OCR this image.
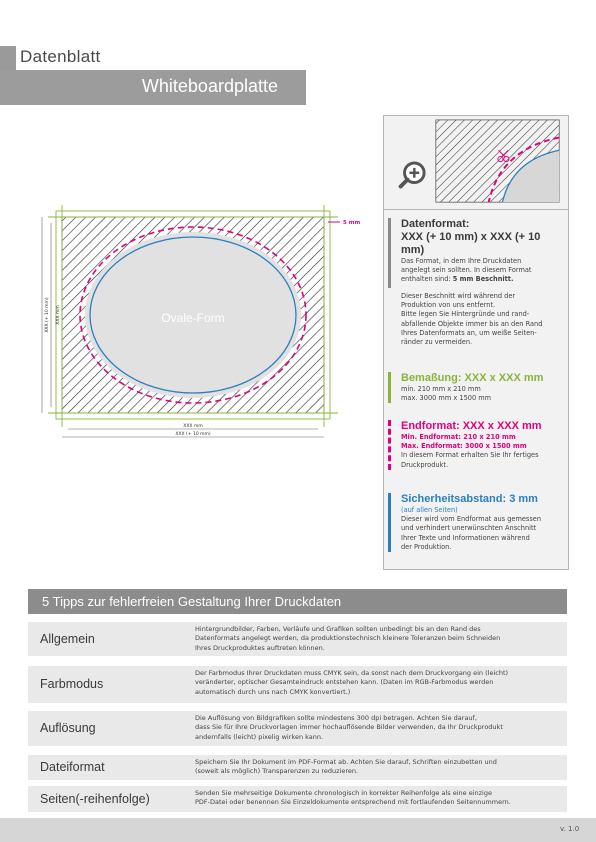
Datenblatt
Whiteboardplatte
Ovale-Form
5 mm
XXX mm
XXX (+ 10 mm)
XXX (+ 10 mm) XXX mm
Datenformat:
XXX (+ 10 mm) x XXX (+ 10 mm)
Das Format, in dem Ihre Druckdaten
angelegt sein sollten. In diesem Format
enthalten sind: 5 mm Beschnitt.
Dieser Beschnitt wird während der
Produktion von uns entfernt.
Bitte legen Sie Hintergründe und rand-
abfallende Objekte immer bis an den Rand
Ihres Datenformats an, um weiße Seiten-
ränder zu vermeiden.
Bemaßung: XXX x XXX mm
min. 210 mm x 210 mm
max. 3000 mm x 1500 mm
Endformat: XXX x XXX mm
Min. Endformat: 210 x 210 mm
Max. Endformat: 3000 x 1500 mm
In diesem Format erhalten Sie Ihr fertiges
Druckprodukt.
Sicherheitsabstand: 3 mm
(auf allen Seiten)
Dieser wird vom Endformat aus gemessen
und verhindert unerwünschten Anschnitt
Ihrer Texte und Informationen während
der Produktion.
5 Tipps zur fehlerfreien Gestaltung Ihrer Druckdaten
Allgemein
Hintergrundbilder, Farben, Verläufe und Grafiken sollten unbedingt bis an den Rand des
Datenformats angelegt werden, da produktionstechnisch kleinere Toleranzen beim Schneiden
Ihres Druckproduktes auftreten können.
Farbmodus
Der Farbmodus Ihrer Druckdaten muss CMYK sein, da sonst nach dem Druckvorgang ein (leicht)
veränderter, optischer Gesamteindruck entstehen kann. (Daten im RGB-Farbmodus werden
automatisch durch uns nach CMYK konvertiert.)
Auflösung
Die Auflösung von Bildgrafiken sollte mindestens 300 dpi betragen. Achten Sie darauf,
dass Sie für Ihre Druckvorlagen immer hochauflösende Bilder verwenden, da Ihr Druckprodukt
andernfalls (leicht) pixelig wirken kann.
Dateiformat	Speichern Sie Ihr Dokument im PDF-Format ab. Achten Sie darauf, Schriften einzubetten und
(soweit als möglich) Transparenzen zu reduzieren.
Seiten(-reihenfolge)	Senden Sie mehrseitige Dokumente chronologisch in korrekter Reihenfolge als eine einzige
PDF-Datei oder benennen Sie Einzeldokumente entsprechend mit fortlaufenden Seitennummern.
v. 1.0
